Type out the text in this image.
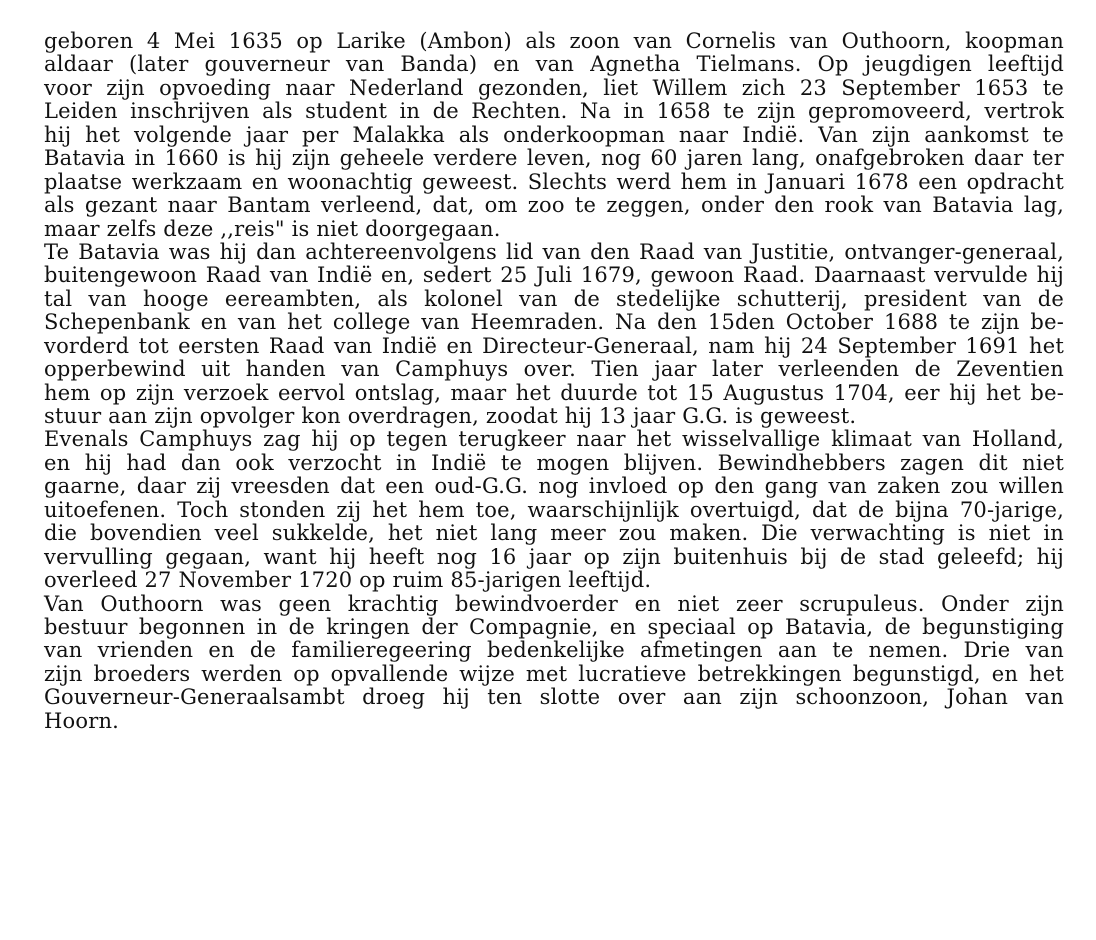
geboren 4 Mei 1635 op Larike (Ambon) als zoon van Cornelis van Outhoorn, koopman
aldaar (later gouverneur van Banda) en van Agnetha Tielmans. Op jeugdigen leeftijd
voor zijn opvoeding naar Nederland gezonden, liet Willem zich 23 September 1653 te
Leiden inschrijven als student in de Rechten. Na in 1658 te zijn gepromoveerd, vertrok
hij het volgende jaar per Malakka als onderkoopman naar Indië. Van zijn aankomst te
Batavia in 1660 is hij zijn geheele verdere leven, nog 60 jaren lang, onafgebroken daar ter
plaatse werkzaam en woonachtig geweest. Slechts werd hem in Januari 1678 een opdracht
als gezant naar Bantam verleend, dat, om zoo te zeggen, onder den rook van Batavia lag,
maar zelfs deze ,,reis" is niet doorgegaan.
Te Batavia was hij dan achtereenvolgens lid van den Raad van Justitie, ontvanger-generaal,
buitengewoon Raad van Indië en, sedert 25 Juli 1679, gewoon Raad. Daarnaast vervulde hij
tal van hooge eereambten, als kolonel van de stedelijke schutterij, president van de
Schepenbank en van het college van Heemraden. Na den 15den October 1688 te zijn be-
vorderd tot eersten Raad van Indië en Directeur-Generaal, nam hij 24 September 1691 het
opperbewind uit handen van Camphuys over. Tien jaar later verleenden de Zeventien
hem op zijn verzoek eervol ontslag, maar het duurde tot 15 Augustus 1704, eer hij het be-
stuur aan zijn opvolger kon overdragen, zoodat hij 13 jaar G.G. is geweest.
Evenals Camphuys zag hij op tegen terugkeer naar het wisselvallige klimaat van Holland,
en hij had dan ook verzocht in Indië te mogen blijven. Bewindhebbers zagen dit niet
gaarne, daar zij vreesden dat een oud-G.G. nog invloed op den gang van zaken zou willen
uitoefenen. Toch stonden zij het hem toe, waarschijnlijk overtuigd, dat de bijna 70-jarige,
die bovendien veel sukkelde, het niet lang meer zou maken. Die verwachting is niet in
vervulling gegaan, want hij heeft nog 16 jaar op zijn buitenhuis bij de stad geleefd; hij
overleed 27 November 1720 op ruim 85-jarigen leeftijd.
Van Outhoorn was geen krachtig bewindvoerder en niet zeer scrupuleus. Onder zijn
bestuur begonnen in de kringen der Compagnie, en speciaal op Batavia, de begunstiging
van vrienden en de familieregeering bedenkelijke afmetingen aan te nemen. Drie van
zijn broeders werden op opvallende wijze met lucratieve betrekkingen begunstigd, en het
Gouverneur-Generaalsambt droeg hij ten slotte over aan zijn schoonzoon, Johan van
Hoorn.
